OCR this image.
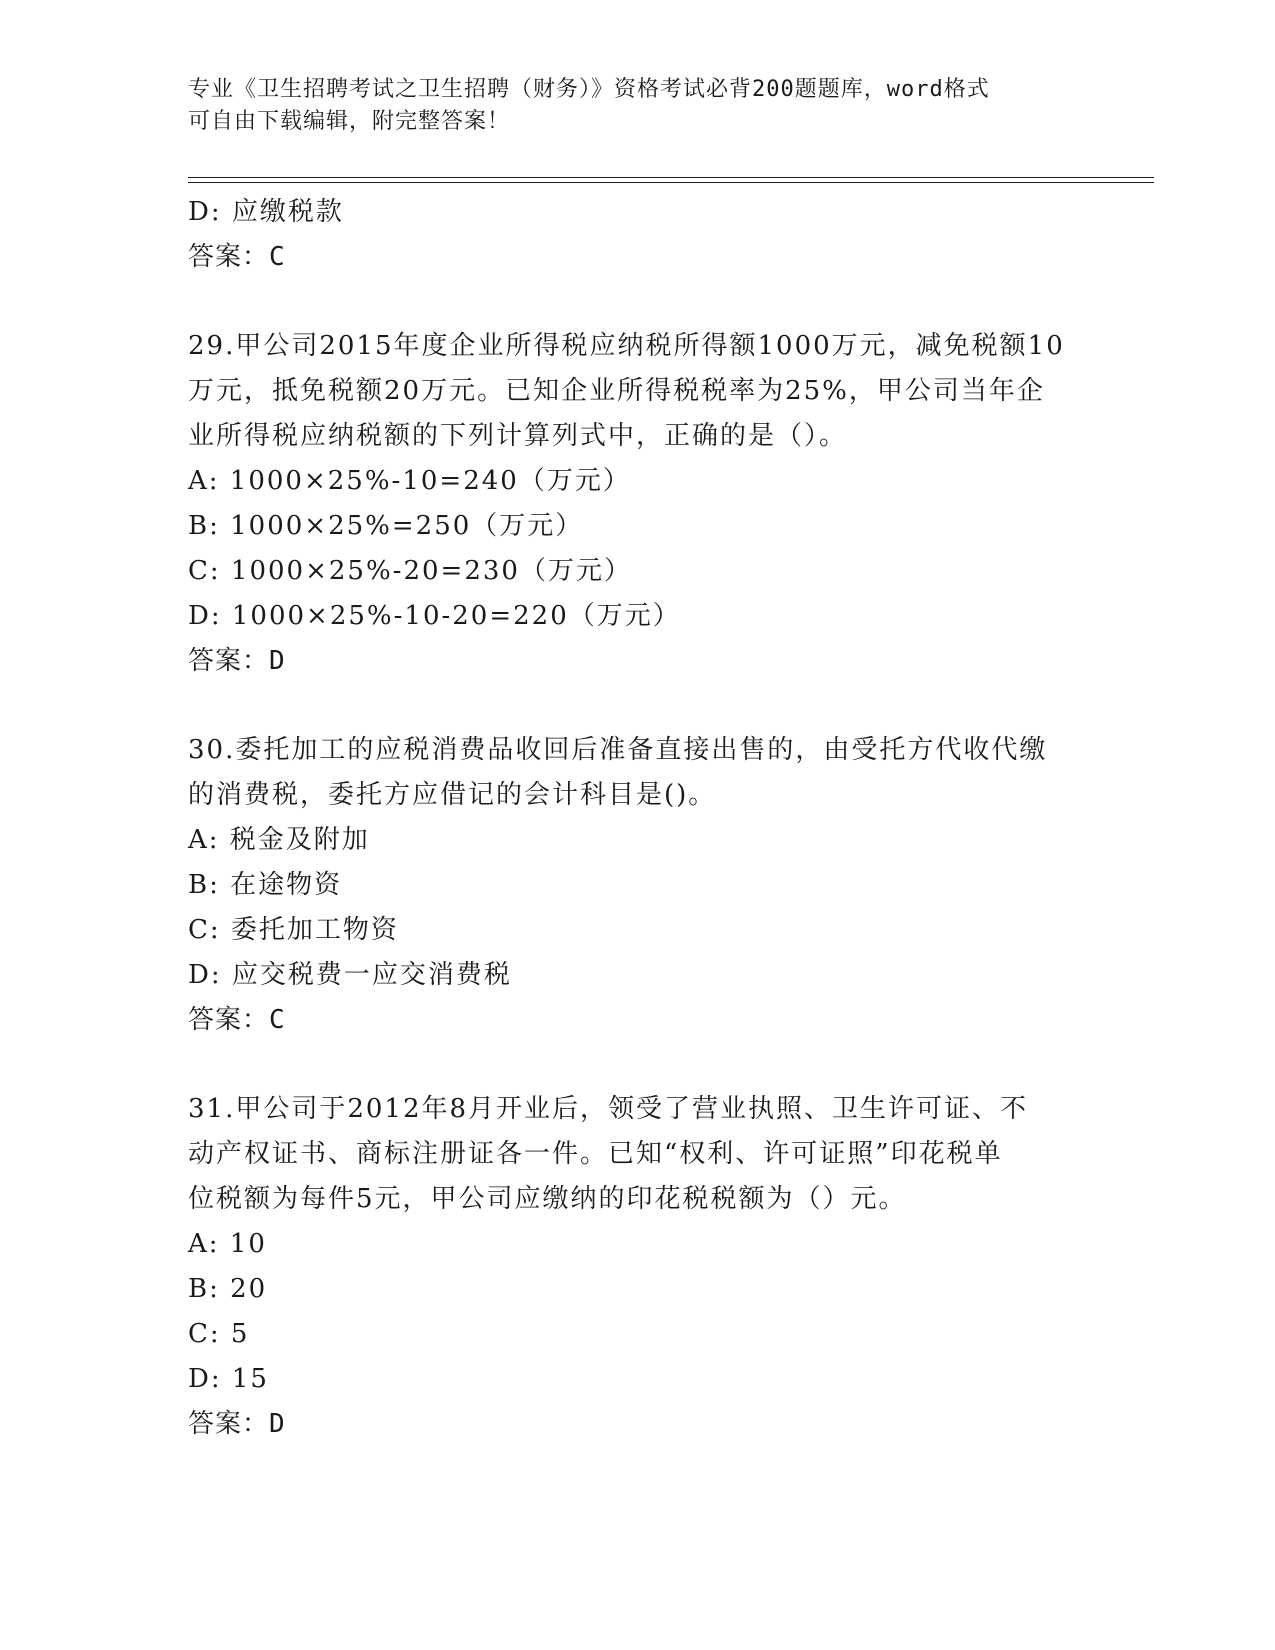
专业《卫生招聘考试之卫生招聘（财务）》资格考试必背200题题库，word格式
可自由下载编辑，附完整答案！
D: 应缴税款
答案：C
29.甲公司2015年度企业所得税应纳税所得额1000万元，减免税额10
万元，抵免税额20万元。已知企业所得税税率为25%，甲公司当年企
业所得税应纳税额的下列计算列式中，正确的是（）。
A: 1000×25%-10=240（万元）
B: 1000×25%=250（万元）
C: 1000×25%-20=230（万元）
D: 1000×25%-10-20=220（万元）
答案：D
30.委托加工的应税消费品收回后准备直接出售的，由受托方代收代缴
的消费税，委托方应借记的会计科目是()。
A: 税金及附加
B: 在途物资
C: 委托加工物资
D: 应交税费一应交消费税
答案：C
31.甲公司于2012年8月开业后，领受了营业执照、卫生许可证、不
动产权证书、商标注册证各一件。已知“权利、许可证照”印花税单
位税额为每件5元，甲公司应缴纳的印花税税额为（）元。
A: 10
B: 20
C: 5
D: 15
答案：D
